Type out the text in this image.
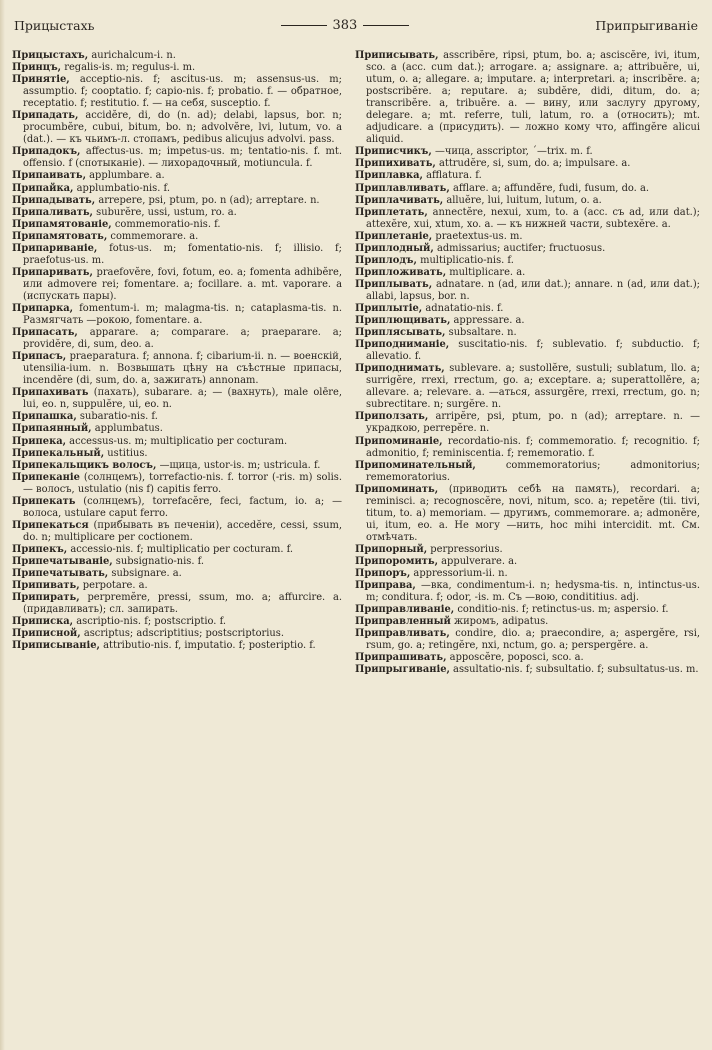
Прицыстахь	383	Припрыгиваніе

Прицыстахъ, aurichalcum-i. n.

Принцъ, regalis-is. m; regulus-i. m.

Принятіе, acceptio-nis. f; ascitus-us. m; assensus-us. m; assumptio. f; cooptatio. f; capio-nis. f; probatio. f. — обратное, receptatio. f; restitutio. f. — на себя, susceptio. f.

Припадать, accidĕre, di, do (n. ad); delabi, lapsus, bor. n; procumbĕre, cubui, bitum, bo. n; advolvĕre, lvi, lutum, vo. a (dat.). — къ чьимъ-л. стопамъ, pedibus alicujus advolvi. pass.

Припадокъ, affectus-us. m; impetus-us. m; tentatio-nis. f. mt. offensio. f (спотыканіе). — лихорадочный, motiuncula. f.

Припаивать, applumbare. a.

Припайка, applumbatio-nis. f.

Припадывать, arrepere, psi, ptum, po. n (ad); arreptare. n.

Припаливать, suburĕre, ussi, ustum, ro. a.

Припамятованіе, commemoratio-nis. f.

Припамятовать, commemorare. a.

Припариваніе, fotus-us. m; fomentatio-nis. f; illisio. f; praefotus-us. m.

Припаривать, praefovĕre, fovi, fotum, eo. a; fomenta adhibĕre, или admovere rei; fomentare. a; focillare. a. mt. vaporare. a (испускать пары).

Припарка, fomentum-i. m; malagma-tis. n; cataplasma-tis. n. Размягчать —рокою, fomentare. a.

Припасать, apparare. a; comparare. a; praeparare. a; providĕre, di, sum, deo. a.

Припасъ, praeparatura. f; annona. f; cibarium-ii. n. — военскій, utensilia-ium. n. Возвышать цѣну на съѣстные припасы, incendĕre (di, sum, do. a, зажигать) annonam.

Припахивать (пахать), subarare. a; — (вахнуть), male olēre, lui, eo. n, suppulĕre, ui, eo. n.

Припашка, subaratio-nis. f.

Припаянный, applumbatus.

Припека, accessus-us. m; multiplicatio per cocturam.

Припекальный, ustitius.

Припекальщикъ волосъ, —щица, ustor-is. m; ustricula. f.

Припеканіе (солнцемъ), torrefactio-nis. f. torror (-ris. m) solis. — волосъ, ustulatio (nis f) capitis ferro.

Припекать (солнцемъ), torrefacĕre, feci, factum, io. a; — волоса, ustulare caput ferro.

Припекаться (прибывать въ печеніи), accedĕre, cessi, ssum, do. n; multiplicare per coctionem.

Припекъ, accessio-nis. f; multiplicatio per cocturam. f.

Припечатываніе, subsignatio-nis. f.

Припечатывать, subsignare. a.

Припивать, perpotare. a.

Припирать, perpremĕre, pressi, ssum, mo. a; affurcire. a. (придавливать); сл. запирать.

Приписка, ascriptio-nis. f; postscriptio. f.

Приписной, ascriptus; adscriptitius; postscriptorius.

Приписываніе, attributio-nis. f, imputatio. f; posteriptio. f.

Приписывать, asscribĕre, ripsi, ptum, bo. a; asciscĕre, ivi, itum, sco. a (acc. cum dat.); arrogare. a; assignare. a; attribuĕre, ui, utum, o. a; allegare. a; imputare. a; interpretari. a; inscribĕre. a; postscribĕre. a; reputare. a; subdĕre, didi, ditum, do. a; transcribĕre. a, tribuĕre. a. — вину, или заслугу другому, delegare. a; mt. referre, tuli, latum, ro. a (относить); mt. adjudicare. a (присудить). — ложно кому что, affingĕre alicui aliquid.

Приписчикъ, —чица, asscriptor, ˊ—trix. m. f.

Припихивать, attrudĕre, si, sum, do. a; impulsare. a.

Приплавка, afflatura. f.

Приплавливать, afflare. a; affundĕre, fudi, fusum, do. a.

Приплачивать, alluĕre, lui, luitum, lutum, o. a.

Приплетать, annectĕre, nexui, xum, to. a (acc. съ ad, или dat.); attexĕre, xui, xtum, xo. a. — къ нижней части, subtexĕre. a.

Приплетаніе, praetextus-us. m.

Приплодный, admissarius; auctifer; fructuosus.

Приплодъ, multiplicatio-nis. f.

Припложивать, multiplicare. a.

Приплывать, adnatare. n (ad, или dat.); annare. n (ad, или dat.); allabi, lapsus, bor. n.

Приплытіе, adnatatio-nis. f.

Приплющивать, appressare. a.

Приплясывать, subsaltare. n.

Приподниманіе, suscitatio-nis. f; sublevatio. f; subductio. f; allevatio. f.

Приподнимать, sublevare. a; sustollĕre, sustuli; sublatum, llo. a; surrigĕre, rrexi, rrectum, go. a; exceptare. a; superattollĕre, a; allevare. a; relevare. a. —аться, assurgĕre, rrexi, rrectum, go. n; subrectitare. n; surgĕre. n.

Приползать, arripĕre, psi, ptum, po. n (ad); arreptare. n. — украдкою, perrepĕre. n.

Припоминаніе, recordatio-nis. f; commemoratio. f; recognitio. f; admonitio, f; reminiscentia. f; rememoratio. f.

Припоминательный, commemoratorius; admonitorius; rememoratorius.

Припоминать, (приводить себѣ на память), recordari. a; reminisci. a; recognoscĕre, novi, nitum, sco. a; repetĕre (tii. tivi, titum, to. a) memoriam. — другимъ, commemorare. a; admonĕre, ui, itum, eo. a. Не могу —нить, hoc mihi intercidit. mt. См. отмѣчать.

Припорный, perpressorius.

Припоромить, appulverare. a.

Припоръ, appressorium-ii. n.

Приправа, —вка, condimentum-i. n; hedysma-tis. n, intinctus-us. m; conditura. f; odor, -is. m. Съ —вою, condititius. adj.

Приправливаніе, conditio-nis. f; retinctus-us. m; aspersio. f.

Приправленный жиромъ, adipatus.

Приправливать, condire, dio. a; praecondire, a; aspergĕre, rsi, rsum, go. a; retingĕre, nxi, nctum, go. a; perspergĕre. a.

Припрашивать, apposcĕre, poposci, sco. a.

Припрыгиваніе, assultatio-nis. f; subsultatio. f; subsultatus-us. m.
